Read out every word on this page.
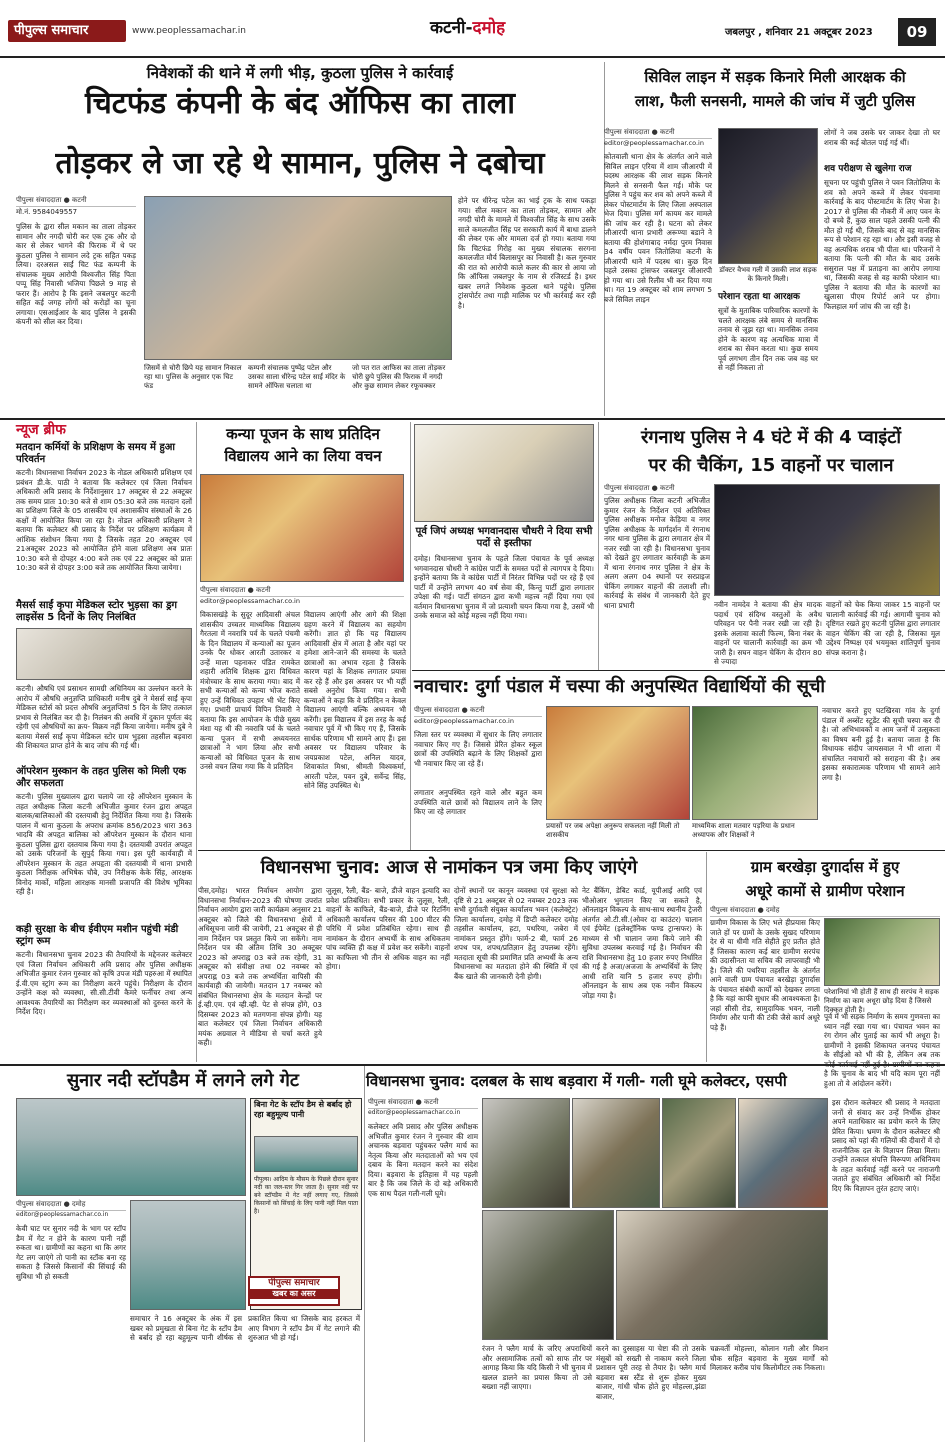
पीपुल्स समाचार	www.peoplessamachar.in	कटनी-दमोह	जबलपुर , शनिवार 21 अक्टूबर 2023	09
निवेशकों की थाने में लगी भीड़, कुठला पुलिस ने कार्रवाई
चिटफंड कंपनी के बंद ऑफिस का ताला
तोड़कर ले जा रहे थे सामान, पुलिस ने दबोचा
पीपुल्स संवाददाता ● कटनी
मो.नं. 9584049557
पुलिस के द्वारा सील मकान का ताला तोड़कर सामान और नगदी चोरी कर एक ट्रक और दो कार से लेकर भागने की फिराक में थे पर कुठला पुलिस ने सामान लदे ट्रक सहित पकड़ लिया। दरअसल साईं चिट फंड कम्पनी के संचालक मुख्य आरोपी विश्वजीत सिंह पिता पप्पू सिंह निवासी भजिया पिछले 9 माह से फरार हैं। आरोप है कि इसने जबलपुर कटनी सहित कई जगह लोगों को करोड़ों का चूना लगाया। एसआईआर के बाद पुलिस ने इसकी कंपनी को सील कर दिया।
जिसमें से चोरी छिपे यह सामान निकाल रहा था। पुलिस के अनुसार एक चिट फंड
कम्पनी संचालक पुष्पेंद्र पटेल और उसका साला धीरेन्द्र पटेल साईं मंदिर के सामने ऑफिस चलाता था
जो पत रात आफिस का ताला तोड़कर चोरी छुपे पुलिस की फिराक में नगदी और कुछ सामान लेकर रफूचक्कर
होने पर धीरेन्द्र पटेल का भाई ट्रक के साथ पकड़ा गया। सील मकान का ताला तोड़कर, सामान और नगदी चोरी के मामले में विश्वजीत सिंह के साथ उसके साले कमलजीत सिंह पर सरकारी कार्य में बाधा डालने की लेकर एक और मामला दर्ज हो गया। बताया गया कि चिटफंड गिरोह का मुख्य संचालक सरगना कमलजीत मौर्य बिलासपुर का निवासी है। कल गुरुवार की रात को आरोपी काले कलर की कार से आया जो कि ऑफिस जबलपुर के नाम से रजिस्टर्ड है। इधर खबर लगते निवेशक कुठला थाने पहुंचे। पुलिस ट्रांसपोर्टर तथा गाड़ी मालिक पर भी कार्रवाई कर रही है।
सिविल लाइन में सड़क किनारे मिली आरक्षक की
लाश, फैली सनसनी, मामले की जांच में जुटी पुलिस
पीपुल्स संवाददाता ● कटनी
editor@peoplessamachar.co.in
कोतवाली थाना क्षेत्र के अंतर्गत आने वाले सिविल लाइन एरिया में शाम जीआरपी में पदस्थ आरक्षक की लाश सड़क किनारे मिलने से सनसनी फैल गई। मौके पर पुलिस ने पहुंच कर शव को अपने कब्जे में लेकर पोस्टमार्टम के लिए जिला अस्पताल भेज दिया। पुलिस मर्ग कायम कर मामले की जांच कर रही है। घटना को लेकर जीआरपी थाना प्रभारी अरूण्या बडाने ने बताया की होशंगाबाद नर्मदा पुरम निवास 34 वर्षीय पवन जितोलिया कटनी के जीआरपी थाने में पदस्थ था। कुछ दिन पहले उसका ट्रांसफर जबलपुर जीआरपी हो गया था। उसे रिलीव भी कर दिया गया था। गत 19 अक्टूबर को शाम लगभग 5 बजे सिविल लाइन
डॉक्टर वैभव गली में उसकी लाश सड़क के किनारे मिली।
परेशान रहता था आरक्षक
सूत्रों के मुताबिक पारिवारिक कारणों के चलते आरक्षक लंबे समय से मानसिक तनाव से जूझ रहा था। मानसिक तनाव होने के कारण वह अत्यधिक मात्रा में शराब का सेवन करता था। कुछ समय पूर्व लगभग तीन दिन तक जब वह घर से नहीं निकला तो
लोगों ने जब उसके घर जाकर देखा तो घर शराब की कई बोतल पाई गई थीं।
शव परीक्षण से खुलेगा राज
सूचना पर पहुंची पुलिस ने पवन जितोलिया के शव को अपने कब्जे में लेकर पंचनामा कार्रवाई के बाद पोस्टमार्टम के लिए भेजा है। 2017 से पुलिस की नौकरी में आए पवन के दो बच्चे हैं, कुछ साल पहले उसकी पत्नी की मौत हो गई थी, जिसके बाद से वह मानसिक रूप से परेशान रह रहा था। और इसी वजह से वह अत्यधिक शराब भी पीता था। परिजनों ने बताया कि पत्नी की मौत के बाद उसके ससुराल पक्ष में प्रताड़ना का आरोप लगाया था, जिसकी वजह से वह काफी परेशान था। पुलिस ने बताया की मौत के कारणों का खुलासा पीएम रिपोर्ट आने पर होगा। फिलहाल मर्ग जांच की जा रही है।
न्यूज ब्रीफ
मतदान कर्मियों के प्रशिक्षण के समय में हुआ परिवर्तन
कटनी। विधानसभा निर्वाचन 2023 के नोडल अधिकारी प्रशिक्षण एवं प्रबंधन डी.के. पाठी ने बताया कि कलेक्टर एवं जिला निर्वाचन अधिकारी अवि प्रसाद के निर्देशानुसार 17 अक्टूबर से 22 अक्टूबर तक समय प्रातः 10:30 बजे से शाम 05:30 बजे तक मतदान दलों का प्रशिक्षण जिले के 05 शासकीय एवं अशासकीय संस्थाओं के 26 कक्षों में आयोजित किया जा रहा है। नोडल अधिकारी प्रशिक्षण ने बताया कि कलेक्टर श्री प्रसाद के निर्देश पर प्रशिक्षण कार्यक्रम में आंशिक संशोधन किया गया है जिसके तहत 20 अक्टूबर एवं 21अक्टूबर 2023 को आयोजित होने वाला प्रशिक्षण अब प्रातः 10:30 बजे से दोपहर 4:00 बजे तक एवं 22 अक्टूबर को प्रातः 10:30 बजे से दोपहर 3:00 बजे तक आयोजित किया जायेगा।
मैसर्स साईं कृपा मेडिकल स्टोर भुड़सा का ड्रग लाइसेंस 5 दिनों के लिए निलंबित
कटनी। औषधि एवं प्रसाधन सामग्री अधिनियम का उल्लंघन करने के आरोप में औषधि अनुज्ञप्ति प्राधिकारी मनीष दुबे ने मेसर्स साईं कृपा मेडिकल स्टोर्स को प्रदत्त औषधि अनुज्ञप्तियां 5 दिन के लिए तत्काल प्रभाव से निलंबित कर दी है। निलंबन की अवधि में दुकान पूर्णतः बंद रहेगी एवं औषधियों का क्रय- विक्रय नहीं किया जायेगा। मनीष दुबे ने बताया मेसर्स साईं कृपा मेडिकल स्टोर ग्राम भुड़सा तहसील बड़वारा की शिकायत प्राप्त होने के बाद जांच की गई थी।
ऑपरेशन मुस्कान के तहत पुलिस को मिली एक और सफलता
कटनी। पुलिस मुख्यालय द्वारा चलाये जा रहे ऑपरेशन मुस्कान के तहत अधीक्षक जिला कटनी अभिजीत कुमार रंजन द्वारा अपहृत बालक/बालिकाओं की दस्तयाबी हेतु निर्देशित किया गया है। जिसके पालन में थाना कुठला के अपराध क्रमांक 856/2023 धारा 363 भादवि की अपहृत बालिका को ऑपरेशन मुस्कान के दौरान थाना कुठला पुलिस द्वारा दस्तयाब किया गया है। दस्तयाबी उपरांत अपहृत को उसके परिजनों के सुपुर्द किया गया। इस पूरी कार्यवाही में ऑपरेशन मुस्कान के तहत अपहृता की दस्तयाबी में थाना प्रभारी कुठला निरीक्षक अभिषेक चौबे, उप निरीक्षक केके सिंह, आरक्षक विनोद मार्को, महिला आरक्षक मानसी प्रजापति की विशेष भूमिका रही है।
कड़ी सुरक्षा के बीच ईवीएम मशीन पहुंची मंडी स्ट्रांग रूम
कटनी। विधानसभा चुनाव 2023 की तैयारियों के मद्देनजर कलेक्टर एवं जिला निर्वाचन अधिकारी अवि प्रसाद और पुलिस अधीक्षक अभिजीत कुमार रंजन गुरुवार को कृषि उपज मंडी पहरुआ में स्थापित ई.वी.एम स्ट्रांग रूम का निरीक्षण करने पहुंचे। निरीक्षण के दौरान उन्होंने कक्ष को व्यवस्था, सी.सी.टीवी कैमरे फर्नीचर तथा अन्य आवश्यक तैयारियों का निरीक्षण कर व्यवस्थाओं को दुरुस्त करने के निर्देश दिए।
कन्या पूजन के साथ प्रतिदिन
विद्यालय आने का लिया वचन
पीपुल्स संवाददाता ● कटनी
editor@peoplessamachar.co.in
विकासखंड़े के सुदूर आदिवासी अंचल शासकीय उच्चतर माध्यमिक विद्यालय गैरतला में नवरात्रि पर्व के चलते पंचमी के दिन विद्यालय में कन्याओं का पूजन उनके पैर धोकर आरती उतारकर व उन्हें माला पहनाकर पंडित रामकेत शहारी अतिथि शिक्षक द्वारा विधिवत मंत्रोच्चार के साथ कराया गया। बाद में सभी कन्याओं को कन्या भोज कराते हुए उन्हें विधिवत उपहार भी भेंट किए गए। प्रभारी प्राचार्य विपिन तिवारी ने बताया कि इस आयोजन के पीछे मुख्य मंशा यह थी की नवरात्रि पर्व के चलते कन्या पूजन में सभी अध्ययनरत छात्राओं ने भाग लिया और सभी कन्याओं को विधिवत पूजन के साथ उनसे वचन लिया गया कि वे प्रतिदिन
विद्यालय आएंगी और आगे की शिक्षा ग्रहण करने में विद्यालय का सहयोग करेंगी। ज्ञात हो कि यह विद्यालय आदिवासी क्षेत्र में आता है और यहां पर हमेशा आने-जाने की समस्या के चलते छात्राओं का अभाव रहता है जिसके कारण यहां के शिक्षक लगातार प्रयास कर रहे हैं और इस अवसर पर भी यहीं सबसे अनुरोध किया गया। सभी कन्याओं ने कहा कि वे प्रतिदिन न केवल विद्यालय आएंगी बल्कि अध्ययन भी करेंगी। इस विद्यालय में इस तरह के कई नवाचार पूर्व में भी किए गए हैं, जिसके सार्थक परिणाम भी सामने आए हैं। इस अवसर पर विद्यालय परिवार के जयप्रकाश पटेल, अनिल यादव, शिवाकांत मिश्रा, श्रीमती विश्वकर्मा, आरती पटेल, पवन दुबे, सर्वेन्द्र सिंह, सोने सिंह उपस्थित थे।
पूर्व जिपं अध्यक्ष भगवानदास चौधरी ने दिया सभी पदों से इस्तीफा
दमोह। विधानसभा चुनाव के पहले जिला पंचायत के पूर्व अध्यक्ष भगवानदास चौधरी ने कांग्रेस पार्टी के समस्त पदों से त्यागपत्र दे दिया। इन्होंने बताया कि वे कांग्रेस पार्टी में निरंतर विभिन्न पदों पर रहे हैं एवं पार्टी में उन्होंने लगभग 40 वर्ष सेवा की, किन्तु पार्टी द्वारा लगातार उपेक्षा की गई। पार्टी संगठन द्वारा कभी महत्त्व नहीं दिया गया एवं वर्तमान विधानसभा चुनाव में जो प्रत्याशी चयन किया गया है, उसमें भी उनके समाज को कोई महत्त्व नहीं दिया गया।
रंगनाथ पुलिस ने 4 घंटे में की 4 प्वाइंटों
पर की चैकिंग, 15 वाहनों पर चालान
पीपुल्स संवाददाता ● कटनी
पुलिस अधीक्षक जिला कटनी अभिजीत कुमार रंजन के निर्देशन एवं अतिरिक्त पुलिस अधीक्षक मनोज केड़िया व नगर पुलिस अधीक्षक के मार्गदर्शन में रंगनाथ नगर थाना पुलिस के द्वारा लगातार क्षेत्र में नजर रखी जा रही है। विधानसभा चुनाव को देखते हुए लगातार कार्रवाही के क्रम में थाना रंगनाथ नगर पुलिस ने क्षेत्र के अलग अलग 04 स्थानों पर सरप्राइज चेकिंग लगाकर वाहनों की तलाशी ली। कार्रवाई के संबंध में जानकारी देते हुए थाना प्रभारी	नवीन नामदेव ने बताया की क्षेत्र मादक पदार्थ एवं संदिग्ध वस्तुओं के अवैध परिवहन पर पैनी नजर रखी जा रही है। इसके अलावा काली फिल्म, बिना नंबर के वाहनों पर चालानी कार्रवाही का क्रम भी जारी है। सघन वाहन चेकिंग के दौरान 80 से ज्यादा
वाहनों को चेक किया जाकर 15 वाहनों पर चालानी कार्रवाई की गई। आगामी चुनाव को दृष्टिगत रखते हुए कटनी पुलिस द्वारा लगातार वाहन चेकिंग की जा रही है, जिसका मूल उद्देश्य निष्पक्ष एवं भयमुक्त शांतिपूर्ण चुनाव संपन्न कराना है।
नवाचार: दुर्गा पंडाल में चस्पा की अनुपस्थित विद्यार्थियों की सूची
पीपुल्स संवाददाता ● कटनी
editor@peoplessamachar.co.in
जिला स्तर पर व्यवस्था में सुधार के लिए लगातार नवाचार किए गए हैं। जिससे प्रेरित होकर स्कूल छात्रों की उपस्थिति बढ़ाने के लिए शिक्षकों द्वारा भी नवाचार किए जा रहे हैं।
लगातार अनुपस्थित रहने वाले और बहुत कम उपस्थिति वाले छात्रों को विद्यालय लाने के लिए किए जा रहे लगातार
प्रयासों पर जब अपेक्षा अनुरूप सफलता नहीं मिली तो शासकीय
माध्यमिक शाला मतवार पड़रिया के प्रधान अध्यापक और शिक्षकों ने
नवाचार करते हुए घटखिरवा गांव के दुर्गा पंडाल में अब्सेंट स्टूडेंट की सूची चस्पा कर दी है। जो अभिभावकों व आम जनों में उत्सुकता का विषय बनी हुई है। बताया जाता है कि विधायक संदीप जायसवाल ने भी शाला में संचालित नवाचारों को सराहना की है। अब इसका सकारात्मक परिणाम भी सामने आने लगा है।
विधानसभा चुनाव: आज से नामांकन पत्र जमा किए जाएंगे
पीस,दमोह। भारत निर्वाचन आयोग द्वारा विधानसभा निर्वाचन-2023 की घोषणा उपरांत निर्वाचन आयोग द्वारा जारी कार्यक्रम अनुसार 21 अक्टूबर को जिले की विधानसभा क्षेत्रों में अधिसूचना जारी की जायेगी, 21 अक्टूबर से ही नाम निर्देशन पत्र प्रस्तुत किये जा सकेंगे। नाम निर्देशन पत्र की अंतिम तिथि 30 अक्टूबर 2023 को अपराह्न 03 बजे तक रहेगी, 31 अक्टूबर को संवीक्षा तथा 02 नवम्बर को अपराह्न 03 बजे तक अभ्यर्थिता वापिसी की कार्यवाही की जायेगी। मतदान 17 नवम्बर को संबंधित विधानसभा क्षेत्र के मतदान केन्द्रों पर ई.व्ही.एम. एवं व्ही.व्ही. पेट से संपन्न होंगे, 03 दिसम्बर 2023 को मतगणना संपन्न होगी। यह बात कलेक्टर एवं जिला निर्वाचन अधिकारी मयंक अग्रवाल ने मीडिया से चर्चा करते हुये कही।
जुलूस, रैली, बैंड- बाजे, डीजे वाहन इत्यादि का प्रवेश प्रतिबंधित। सभी प्रकार के जुलूस, रैली, वाहनों के काफिले, बैंड-बाजे, डीजे पर रिटर्निंग अधिकारी कार्यालय परिसर की 100 मीटर की परिधि में प्रवेश प्रतिबंधित रहेगा। साथ ही नामांकन के दौरान अभ्यर्थी के साथ अधिकतम पांच व्यक्ति ही कक्ष में प्रवेश कर सकेंगे। वाहनों का काफिला भी तीन से अधिक वाहन का नहीं होगा।
दोनों स्थानों पर कानून व्यवस्था एवं सुरक्षा को दृष्टि से 21 अक्टूबर से 02 नवम्बर 2023 तक सभी दुर्गावती संयुक्त कार्यालय भवन (कलेक्ट्रेट) जिला कार्यालय, दमोह में डिप्टी कलेक्टर दमोह तहसील कार्यालय, हटा, पथरिया, जबेरा में नामांकन प्रस्तुत होंगे। फार्म-2 बी, फार्म 26 शपथ पत्र, शपथ/प्रतिज्ञान हेतु उपलब्ध रहेंगे। मतदाता सूची की प्रमाणित प्रति अभ्यर्थी के अन्य विधानसभा का मतदाता होने की स्थिति में एवं बैंक खाते की जानकारी देनी होगी।
नेट बैंकिंग, डेबिट कार्ड, यूपीआई आदि एवं भीओआर भुगतान किए जा सकते है, ऑनलाइन विकल्प के साथ-साथ स्थानीय ट्रेजरी अंतर्गत ओ.टी.सी.(ओवर दा काउंटर) चालान एवं ईपेमेंट (इलेक्ट्रॉनिक फण्ड ट्रान्सफर) के माध्यम से भी चालान जमा किये जाने की सुविधा उपलब्ध करवाई गई है। निर्वाचन की राशि विधानसभा हेतु 10 हजार रुपए निर्धारित की गई है अजा/अजजा के अभ्यर्थियों के लिए आधी राशि यानि 5 हजार रुपए होगी। ऑनलाइन के साथ अब एक नवीन विकल्प जोड़ा गया है।
ग्राम बरखेड़ा दुगार्दास में हुए
अधूरे कामों से ग्रामीण परेशान
पीपुल्स संवाददाता ● दमोह
ग्रामीण विकास के लिए भले हीप्रयास किए जाते हों पर ग्रामों के उसके सुखद परिणाम देर से या धीमी गति सेहीते हुए प्रतीत होते हैं जिसका कारण कई बार ग्रामीण सरपंच की उदासीनता या सचिव की लापरवाही भी है। जिले की पथरिया तहसील के अंतर्गत आने वाली ग्राम पंचायत बरखेड़ा दुगार्दास के पंचायत संबंधी कार्यों को देखकर लगता है कि यहां काफी सुधार की आवश्यकता है। जहां सीसी रोड, सामुदायिक भवन, नाली निर्माण और पानी की टंकी जैसे कार्य अधूरे पड़े हैं।
परेशानियां भी होती हैं साथ ही सरपंच ने सड़क निर्माण का काम अधूरा छोड़ दिया है जिससे दिक्कत होती है।
पूर्व में भी सड़क निर्माण के समय गुणवत्ता का ध्यान नहीं रखा गया था। पंचायत भवन का रंग रोगन और पुताई का कार्य भी अधूरा है। ग्रामीणों ने इसकी शिकायत जनपद पंचायत के सीईओ को भी की है, लेकिन अब तक है कि चुनाव के बाद भी यदि काम पूरा नहीं हुआ तो वे आंदोलन करेंगे।
सुनार नदी स्टॉपडैम में लगने लगे गेट
बिना गेट के स्टॉप डैम से बर्बाद हो रहा बहुमूल्य पानी
पीपुल्स। आदिम के मौसम के पिछले दौरान सुनार नदी का जल-स्तर गिर जाता है। सुनार नदी पर बने स्टॉपडैम में गेट नहीं लगाए गए, जिससे किसानों को सिंचाई के लिए पानी नहीं मिल पाता है।
पीपुल्स समाचार
खबर का असर
पीपुल्स संवाददाता ● दमोह
editor@peoplessamachar.co.in
केवी घाट पर सुनार नदी के भाग पर स्टॉप डैम में गेट न होने के कारण पानी नहीं रुकता था। ग्रामीणों का कहना था कि अगर गेट लग जाएंगे तो पानी का स्टॉक बना रह सकता है जिससे किसानों की सिंचाई की सुविधा भी हो सकती
समाचार ने 16 अक्टूबर के अंक में इस खबर को प्रमुखता से बिना गेट के स्टॉप डैम से बर्बाद हो रहा बहुमूल्य पानी शीर्षक से प्रकाशित किया था जिसके बाद हरकत में आए विभाग ने स्टॉप डैम में गेट लगाने की शुरुआत भी हो गई।
विधानसभा चुनाव: दलबल के साथ बड़वारा में गली- गली घूमे कलेक्टर, एसपी
पीपुल्स संवाददाता ● कटनी
editor@peoplessamachar.co.in
कलेक्टर अवि प्रसाद और पुलिस अधीक्षक अभिजीत कुमार रंजन ने गुरुवार की शाम अचानक बड़वारा पहुंचकर फ्लैग मार्च का नेतृत्व किया और मतदाताओं को भय एवं दबाव के बिना मतदान करने का संदेश दिया। बड़वारा के इतिहास में यह पहली बार है कि जब जिले के दो बड़े अधिकारी एक साथ पैदल गली-गली घूमे।
रंजन ने फ्लैग मार्च के जरिए अपराधियों और असामाजिक तत्वों को साफ तौर पर आगाह किया कि यदि किसी ने भी चुनाव में खलल डालने का प्रयास किया तो उसे बख्शा नहीं जाएगा।
करने का दुस्साहस या चेष्टा की तो उसके मंसूबों को सख्ती से नाकाम करने जिला प्रशासन पूरी तरह से तैयार है। फ्लैग मार्च बड़वारा बस स्टैंड से शुरू होकर मुख्य बाजार, गांधी चौक होते हुए मोहल्ला,झंडा बाजार,
चक्रवर्ती मोहल्ला, कोलान गली और मिशन चौक सहित बड़वारा के मुख्य मार्गों को मिलाकर करीब पांच किलोमीटर तक निकला।
इस दौरान कलेक्टर श्री प्रसाद ने मतदाता जनों से संवाद कर उन्हें निर्भीक होकर अपने मताधिकार का प्रयोग करने के लिए प्रेरित किया। भ्रमण के दौरान कलेक्टर श्री प्रसाद को पहां की गलियों की दीवारों में दो राजनीतिक दल के विज्ञापन लिखा मिला। उन्होंने तत्काल संपत्ति विरूपण अधिनियम के तहत कार्रवाई नहीं करने पर नाराजगी जताते हुए संबंधित अधिकारी को निर्देश दिए कि विज्ञापन तुरंत हटाए जाएं।
